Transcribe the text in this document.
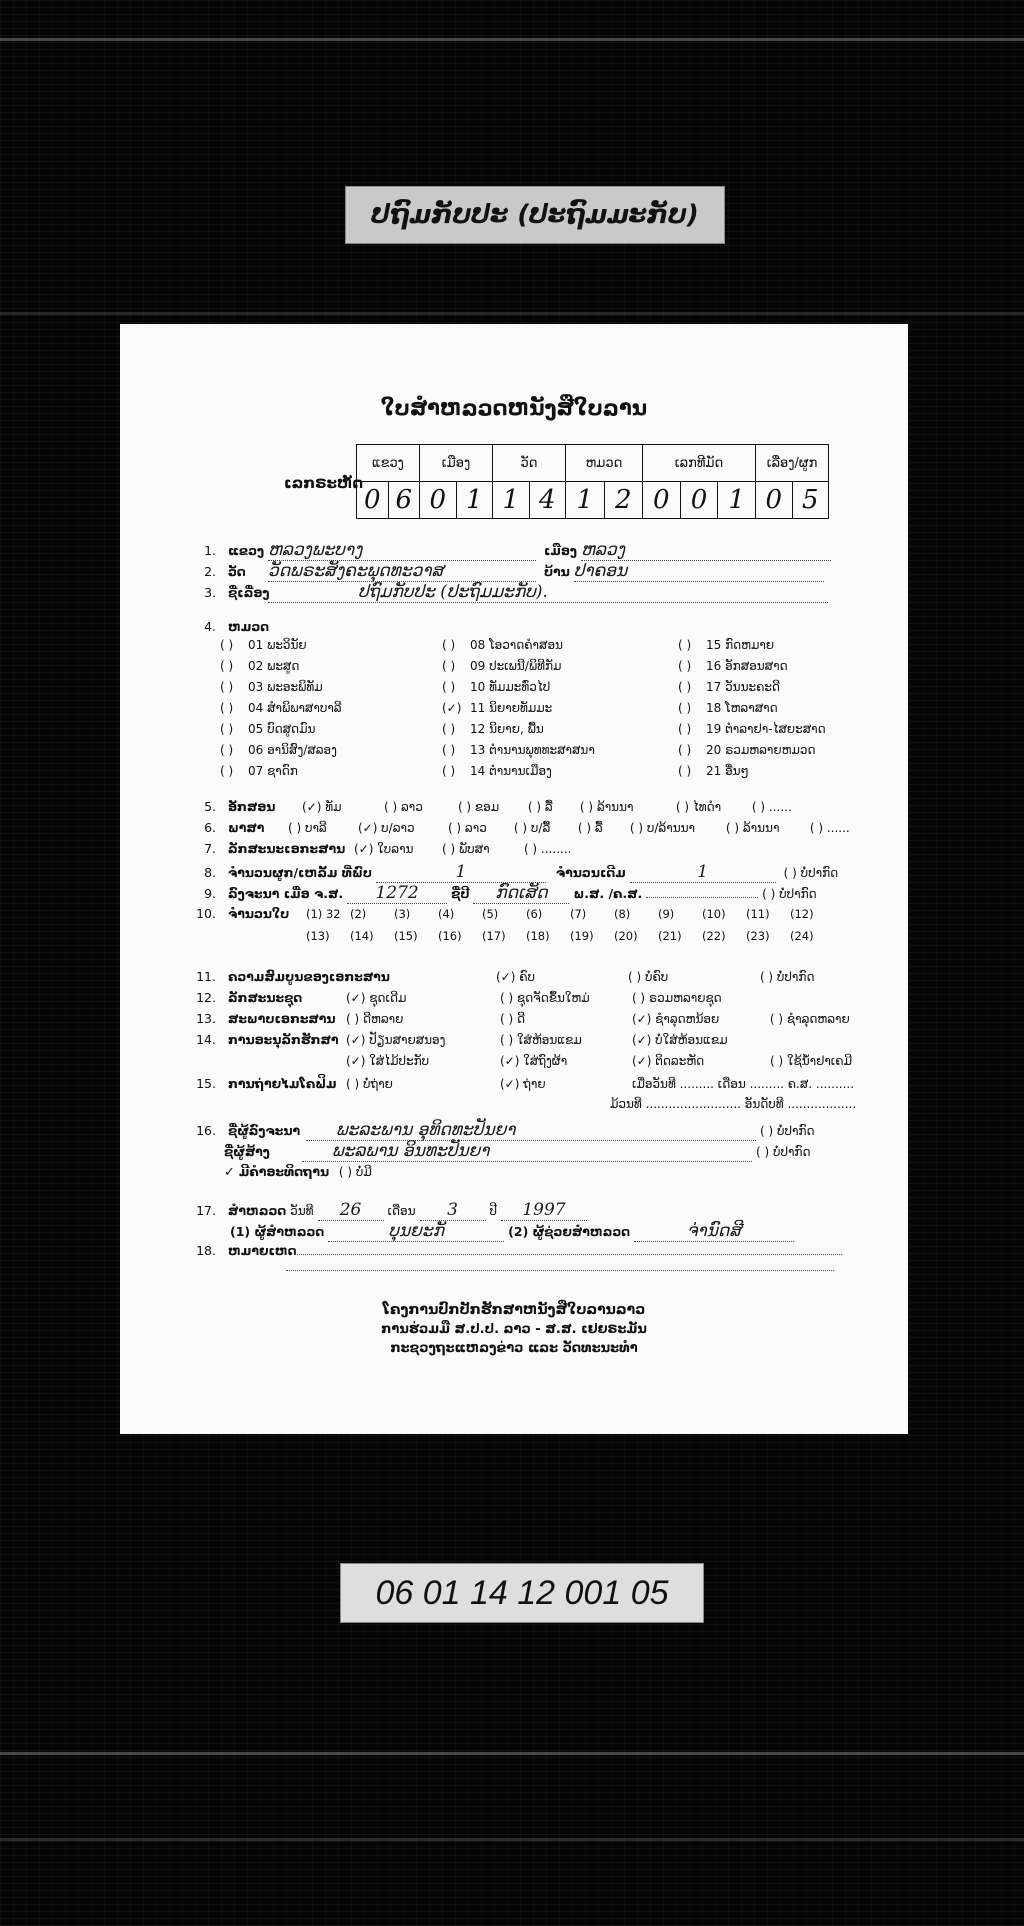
ປຖົມກັບປະ (ປະຖົມມະກັບ)
ໃບສຳຫລວດຫນັງສືໃບລານ
ເລກຣະຫັດ
ແຂວງ		ເມືອງ		ວັດ		ຫມວດ		ເລກທີມັດ			ເລື່ອງ/ຜູກ	
0	6	0	1	1	4	1	2	0	0	1	0	5
1. ແຂວງ ຫລວງພະບາງ	ເມືອງ ຫລວງ
2. ວັດ ວັດພຣະສັງຄະພຸດທະວາສ	ບ້ານ ປາຄອນ
3. ຊື່ເລື່ອງ	ປຖົມກັບປະ (ປະຖົມມະກັບ).
4. ຫມວດ
( ) 01 ພະວິນັຍ
( ) 02 ພະສູດ
( ) 03 ພະອະພິທັມ
( ) 04 ສຳພິພາສາບາລີ
( ) 05 ບົດສູດມົນ
( ) 06 ອານິສົງ/ສລອງ
( ) 07 ຊາດົກ
( ) 08 ໂອວາດຄຳສອນ
( ) 09 ປະເພນີ/ພິທີກັມ
( ) 10 ທັມມະທົ່ວໄປ
(✓) 11 ນິຍາຍທັມມະ
( ) 12 ນິຍາຍ, ພື້ນ
( ) 13 ຕຳນານພຸທທະສາສນາ
( ) 14 ຕຳນານເມືອງ
( ) 15 ກົດຫມາຍ
( ) 16 ອັກສອນສາດ
( ) 17 ວັນນະຄະດີ
( ) 18 ໂຫລາສາດ
( ) 19 ຕຳລາຢາ-ໄສຍະສາດ
( ) 20 ຣວມຫລາຍຫມວດ
( ) 21 ອື່ນໆ
5. ອັກສອນ (✓) ທັມ	( ) ລາວ	( ) ຂອມ ( ) ລື້ ( ) ລ້ານນາ	( ) ໄທດຳ	( ) ......
6. ພາສາ ( ) ບາລີ	(✓) ບ/ລາວ	( ) ລາວ ( ) ບ/ລື້ ( ) ລື້ ( ) ບ/ລ້ານນາ	( ) ລ້ານນາ	( ) ......
7. ລັກສະນະເອກະສານ (✓) ໃບລານ ( ) ພັບສາ	( ) ........
8. ຈຳນວນຜູກ/ເຫລັ້ມ ທີ່ພົບ	1	ຈຳນວນເດີມ	1	( ) ບໍ່ປາກົດ
9. ລົງຈະນາ ເມື່ອ ຈ.ສ. 1272	ຊື່ປີ ກົດເສັດ ພ.ສ. /ຄ.ສ.	( ) ບໍ່ປາກົດ
10. ຈຳນວນໃບ (1) 32 (2) (3) (4) (5) (6) (7) (8) (9) (10) (11) (12)
(13) (14) (15) (16) (17) (18) (19) (20) (21) (22) (23) (24)
11. ຄວາມສົມບູນຂອງເອກະສານ	(✓) ຄົບ	( ) ບໍ່ຄົບ	( ) ບໍ່ປາກົດ
12. ລັກສະນະຊຸດ	(✓) ຊຸດເດີມ	( ) ຊຸດຈັດຂຶ້ນໃຫມ່	( ) ຣວມຫລາຍຊຸດ
13. ສະພາບເອກະສານ ( ) ດີຫລາຍ	( ) ດີ	(✓) ຊຳລຸດຫນ້ອຍ	( ) ຊຳລຸດຫລາຍ
14. ການອະນຸລັກຮັກສາ (✓) ປັຽນສາຍສນອງ	( ) ໃສ່ຫ້ອນແຂມ	(✓) ບໍ່ໃສ່ຫ້ອນແຂມ
(✓) ໃສ່ໄມ້ປະກັບ	(✓) ໃສ່ຖົງຜ້າ	(✓) ຕິດລະຫັດ	( ) ໃຊ້ນ້ຳຢາເຄມີ
15. ການຖ່າຍໄມໂຄຟິມ ( ) ບໍ່ຖ່າຍ	(✓) ຖ່າຍ	ເມື່ອວັນທີ ......... ເດືອນ ......... ຄ.ສ. ..........
ມ້ວນທີ ......................... ອັນດັບທີ ..................
16. ຊື່ຜູ້ລົງຈະນາ ພະລະພານ ອຸທິດທະປັນຍາ	( ) ບໍ່ປາກົດ
ຊື່ຜູ້ສ້າງ	ພະລພານ ອິນທະປັນຍາ	( ) ບໍ່ປາກົດ
✓ ມີຄຳອະທິດຖານ ( ) ບໍ່ມີ
17. ສຳຫລວດ ວັນທີ 26 ເດືອນ 3	ປີ 1997
(1) ຜູ້ສຳຫລວດ	ບຸນຍະກັ	(2) ຜູ້ຊ່ວຍສຳຫລວດ	ຈ່ານົດສີ
18. ຫມາຍເຫດ
ໂຄງການປົກປັກຮັກສາຫນັງສືໃບລານລາວ
ການຮ່ວມມື ສ.ປ.ປ. ລາວ - ສ.ສ. ເຢຍຣະມັນ
ກະຊວງຖະແຫລງຂ່າວ ແລະ ວັດທະນະທຳ
06 01 14 12 001 05
